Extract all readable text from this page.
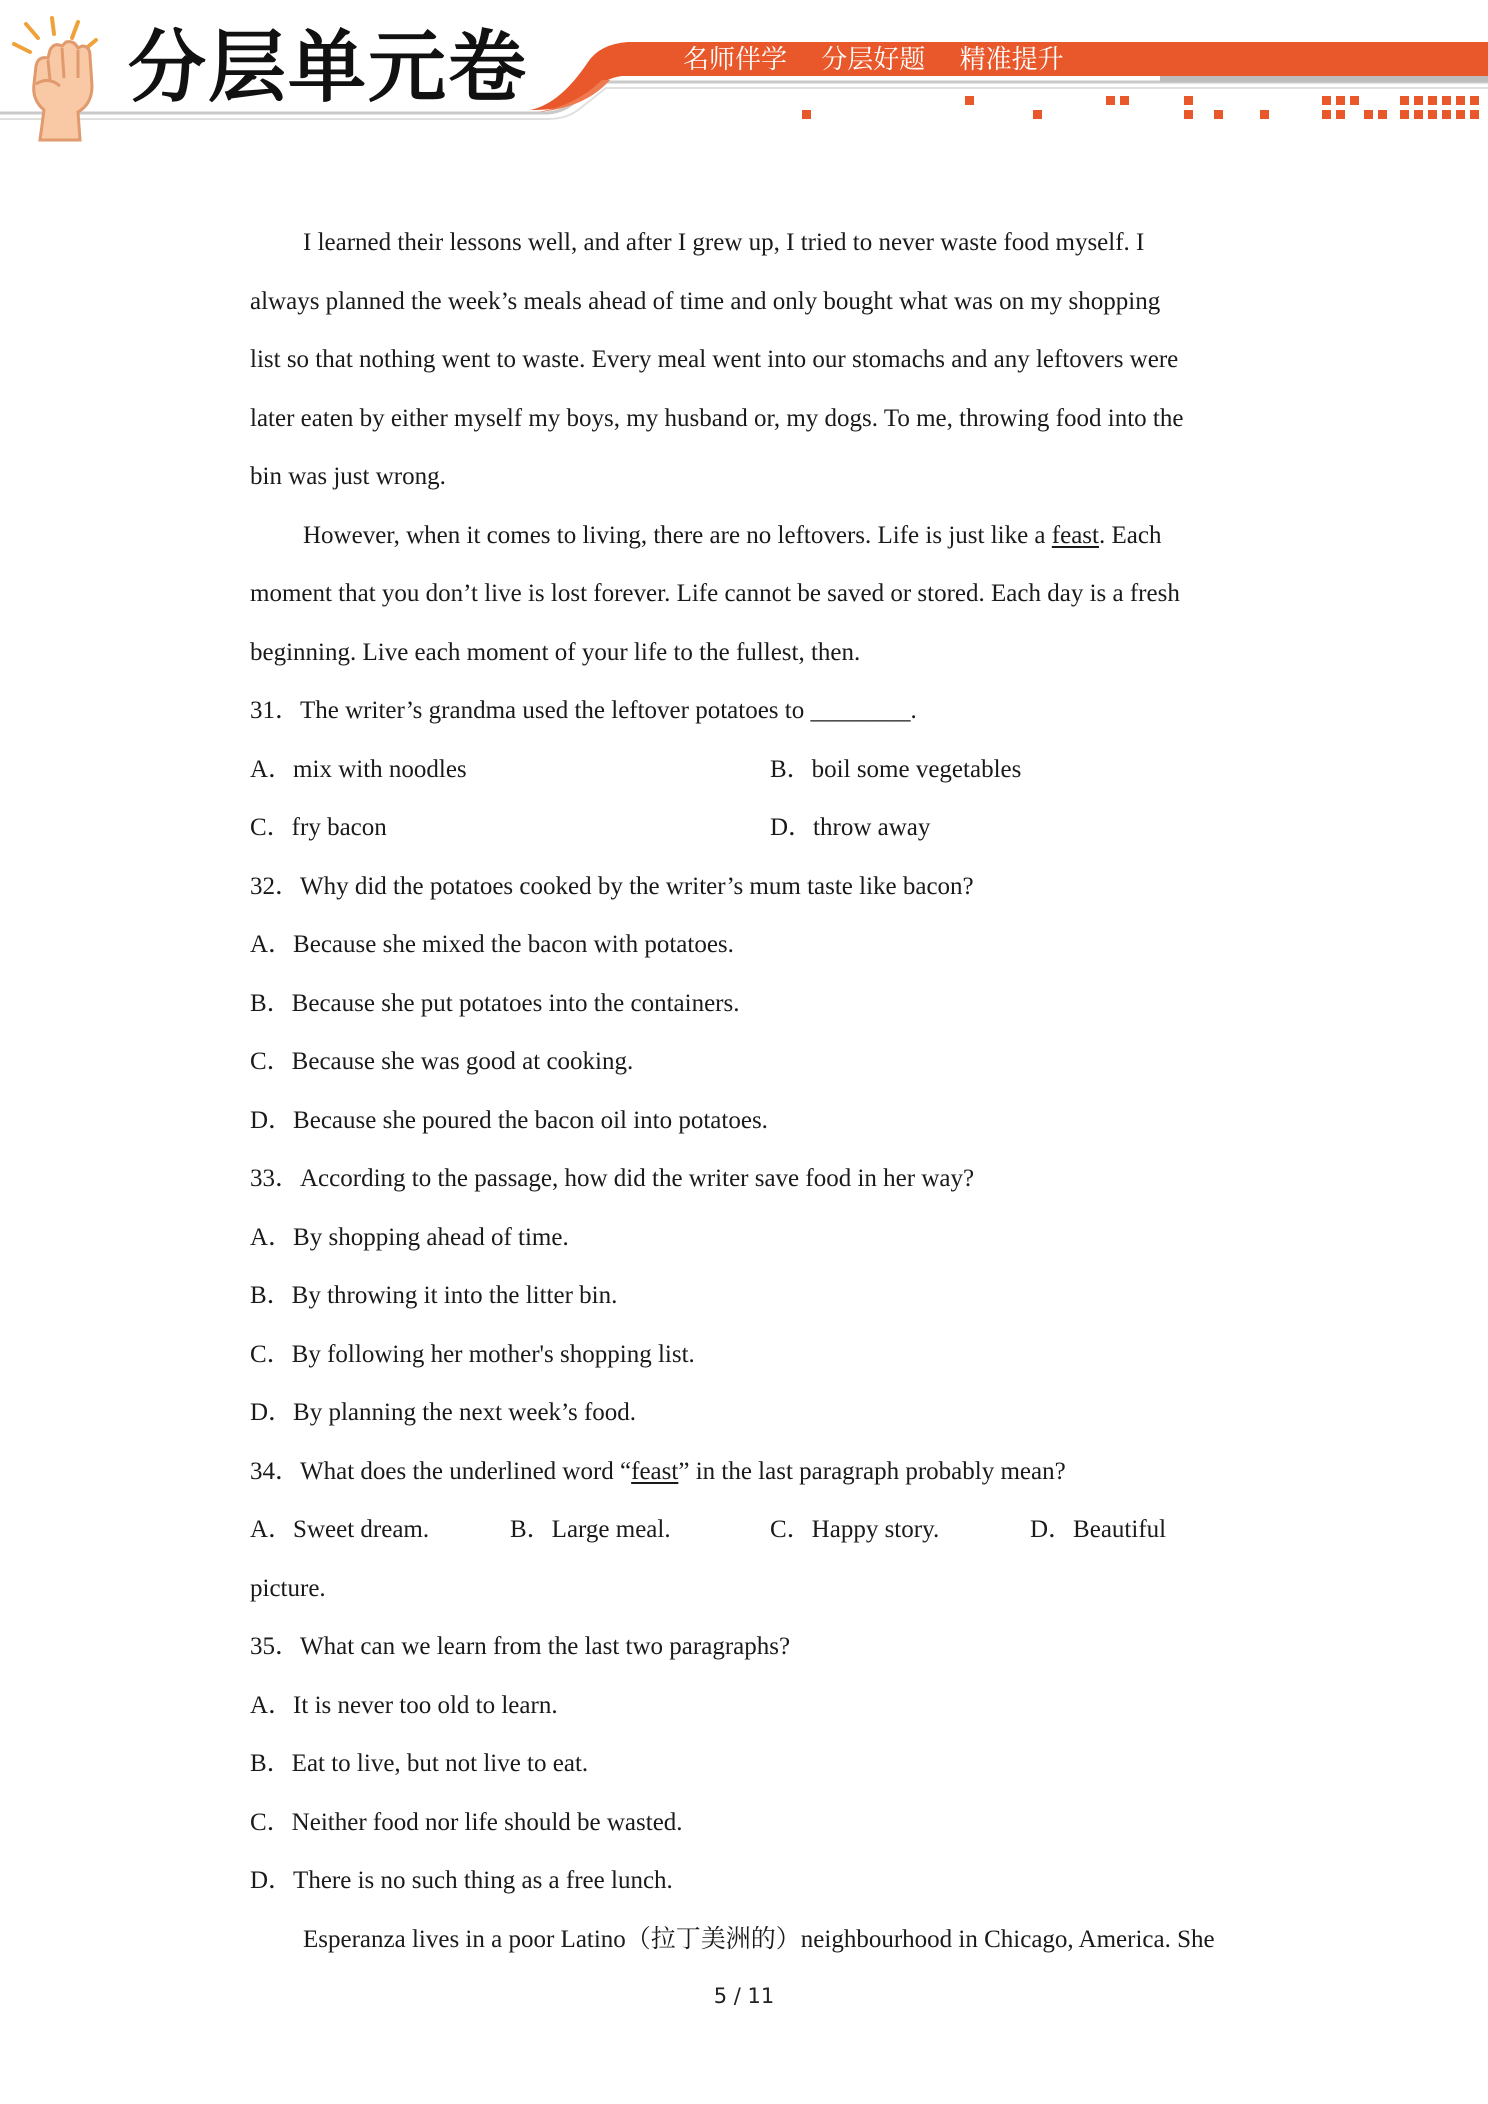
分层单元卷	名师伴学 分层好题 精准提升
I learned their lessons well, and after I grew up, I tried to never waste food myself. I
always planned the week’s meals ahead of time and only bought what was on my shopping
list so that nothing went to waste. Every meal went into our stomachs and any leftovers were
later eaten by either myself my boys, my husband or, my dogs. To me, throwing food into the
bin was just wrong.
However, when it comes to living, there are no leftovers. Life is just like a feast. Each
moment that you don’t live is lost forever. Life cannot be saved or stored. Each day is a fresh
beginning. Live each moment of your life to the fullest, then.
31．The writer’s grandma used the leftover potatoes to ________.
A．mix with noodles	B．boil some vegetables
C．fry bacon	D．throw away
32．Why did the potatoes cooked by the writer’s mum taste like bacon?
A．Because she mixed the bacon with potatoes.
B．Because she put potatoes into the containers.
C．Because she was good at cooking.
D．Because she poured the bacon oil into potatoes.
33．According to the passage, how did the writer save food in her way?
A．By shopping ahead of time.
B．By throwing it into the litter bin.
C．By following her mother's shopping list.
D．By planning the next week’s food.
34．What does the underlined word “feast” in the last paragraph probably mean?
A．Sweet dream.	B．Large meal.	C．Happy story.	D．Beautiful
picture.
35．What can we learn from the last two paragraphs?
A．It is never too old to learn.
B．Eat to live, but not live to eat.
C．Neither food nor life should be wasted.
D．There is no such thing as a free lunch.
Esperanza lives in a poor Latino（拉丁美洲的）neighbourhood in Chicago, America. She
5 / 11
